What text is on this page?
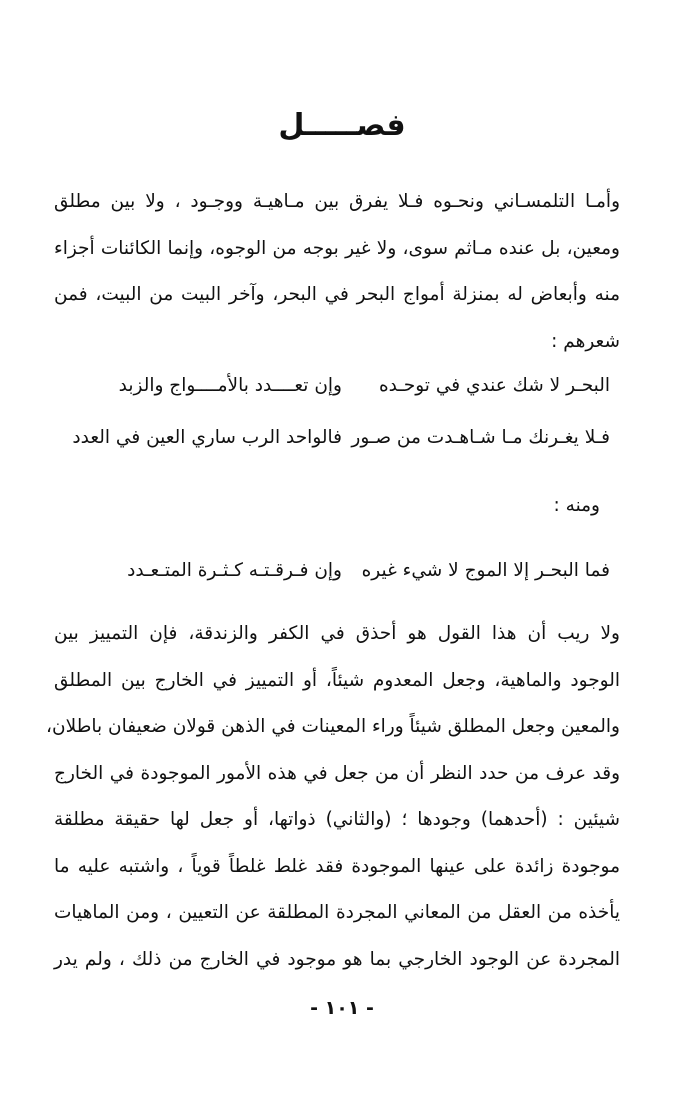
فصـــــل
وأمـا التلمسـاني ونحـوه فـلا يفرق بين مـاهيـة ووجـود ، ولا بين مطلق
ومعين، بل عنده مـاثم سوى، ولا غير بوجه من الوجوه، وإنما الكائنات أجزاء
منه وأبعاض له بمنزلة أمواج البحر في البحر، وآخر البيت من البيت، فمن
شعرهم :
البحـر لا شك عندي في توحـده
وإن تعــــدد بالأمــــواج والزبد
فـلا يغـرنك مـا شـاهـدت من صـور
فالواحد الرب ساري العين في العدد
ومنه :
فما البحـر إلا الموج لا شيء غيره
وإن فـرقـتـه كـثـرة المتـعـدد
ولا ريب أن هذا القول هو أحذق في الكفر والزندقة، فإن التمييز بين
الوجود والماهية، وجعل المعدوم شيئاً، أو التمييز في الخارج بين المطلق
والمعين وجعل المطلق شيئاً وراء المعينات في الذهن قولان ضعيفان باطلان،
وقد عرف من حدد النظر أن من جعل في هذه الأمور الموجودة في الخارج
شيئين : (أحدهما) وجودها ؛ (والثاني) ذواتها، أو جعل لها حقيقة مطلقة
موجودة زائدة على عينها الموجودة فقد غلط غلطاً قوياً ، واشتبه عليه ما
يأخذه من العقل من المعاني المجردة المطلقة عن التعيين ، ومن الماهيات
المجردة عن الوجود الخارجي بما هو موجود في الخارج من ذلك ، ولم يدر
- ١٠١ -
